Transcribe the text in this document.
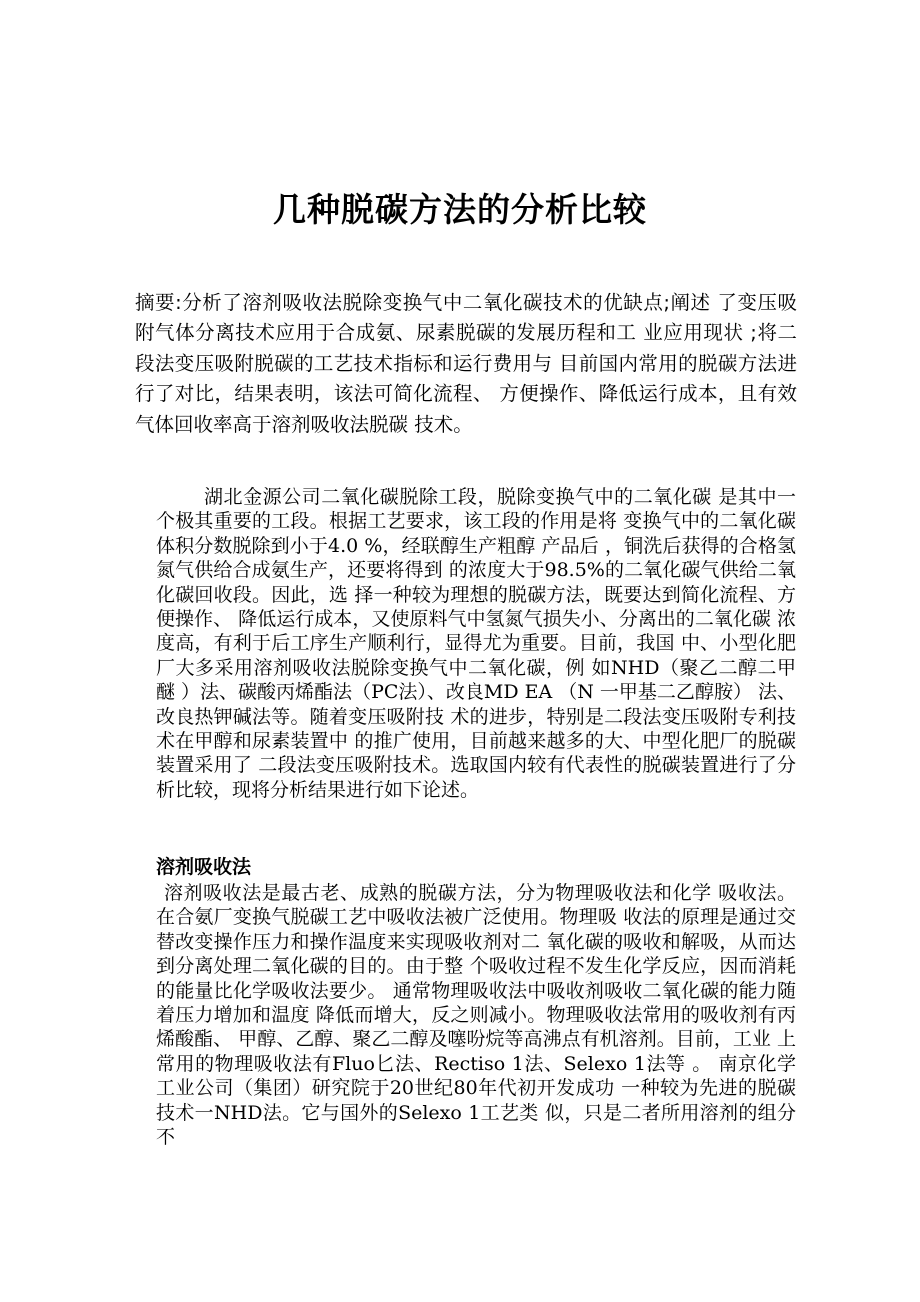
几种脱碳方法的分析比较

摘要:分析了溶剂吸收法脱除变换气中二氧化碳技术的优缺点;阐述 了变压吸附气体分离技术应用于合成氨、尿素脱碳的发展历程和工 业应用现状 ;将二段法变压吸附脱碳的工艺技术指标和运行费用与 目前国内常用的脱碳方法进行了对比，结果表明，该法可简化流程、 方便操作、降低运行成本，且有效气体回收率高于溶剂吸收法脱碳 技术。

湖北金源公司二氧化碳脱除工段，脱除变换气中的二氧化碳 是其中一个极其重要的工段。根据工艺要求，该工段的作用是将 变换气中的二氧化碳体积分数脱除到小于4.0 %，经联醇生产粗醇 产品后 ，铜洗后获得的合格氢氮气供给合成氨生产，还要将得到 的浓度大于98.5%的二氧化碳气供给二氧化碳回收段。因此，选 择一种较为理想的脱碳方法，既要达到简化流程、方便操作、 降低运行成本，又使原料气中氢氮气损失小、分离出的二氧化碳 浓度高，有利于后工序生产顺利行，显得尤为重要。目前，我国 中、小型化肥厂大多采用溶剂吸收法脱除变换气中二氧化碳，例 如NHD（聚乙二醇二甲醚 ）法、碳酸丙烯酯法（PC法）、改良MD EA （N 一甲基二乙醇胺） 法、改良热钾碱法等。随着变压吸附技 术的进步，特别是二段法变压吸附专利技术在甲醇和尿素装置中 的推广使用，目前越来越多的大、中型化肥厂的脱碳装置采用了 二段法变压吸附技术。选取国内较有代表性的脱碳装置进行了分 析比较，现将分析结果进行如下论述。

溶剂吸收法

溶剂吸收法是最古老、成熟的脱碳方法，分为物理吸收法和化学 吸收法。在合氨厂变换气脱碳工艺中吸收法被广泛使用。物理吸 收法的原理是通过交替改变操作压力和操作温度来实现吸收剂对二 氧化碳的吸收和解吸，从而达到分离处理二氧化碳的目的。由于整 个吸收过程不发生化学反应，因而消耗的能量比化学吸收法要少。 通常物理吸收法中吸收剂吸收二氧化碳的能力随着压力增加和温度 降低而增大，反之则减小。物理吸收法常用的吸收剂有丙烯酸酯、 甲醇、乙醇、聚乙二醇及噻吩烷等高沸点有机溶剂。目前，工业 上常用的物理吸收法有Fluo匕法、Rectiso 1法、Selexo 1法等 。 南京化学工业公司（集团）研究院于20世纪80年代初开发成功 一种较为先进的脱碳技术一NHD法。它与国外的Selexo 1工艺类 似，只是二者所用溶剂的组分不
